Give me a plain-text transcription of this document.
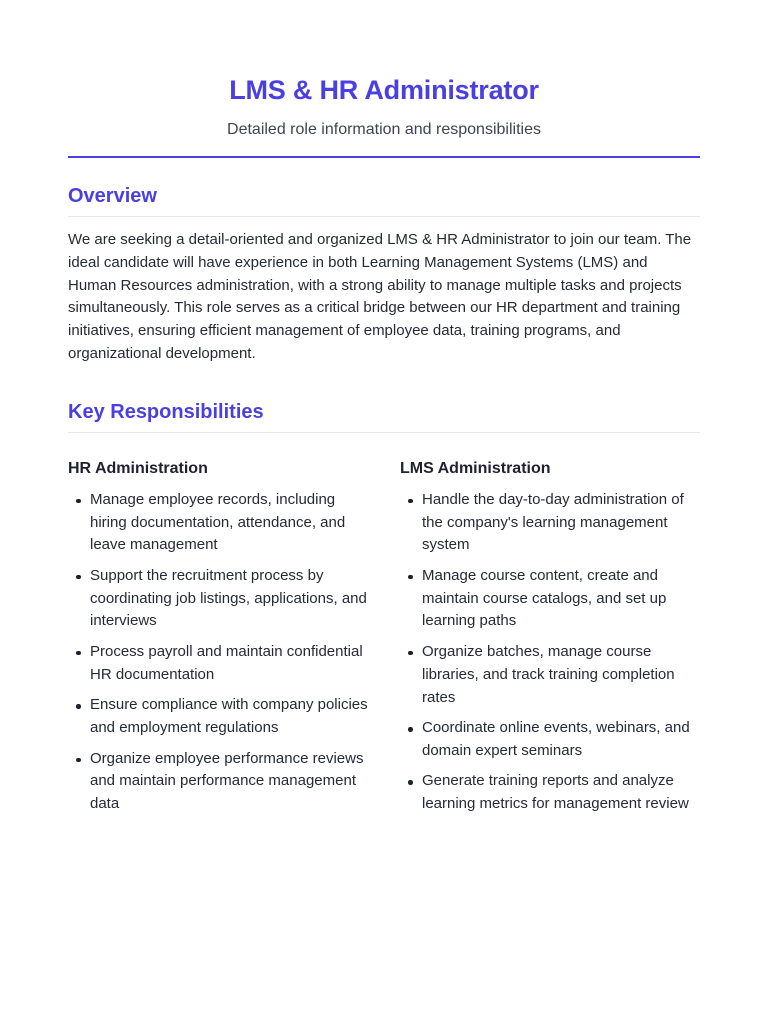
LMS & HR Administrator

Detailed role information and responsibilities

Overview

We are seeking a detail-oriented and organized LMS & HR Administrator to join our team. The ideal candidate will have experience in both Learning Management Systems (LMS) and Human Resources administration, with a strong ability to manage multiple tasks and projects simultaneously. This role serves as a critical bridge between our HR department and training initiatives, ensuring efficient management of employee data, training programs, and organizational development.

Key Responsibilities
HR Administration
Manage employee records, including hiring documentation, attendance, and leave management
Support the recruitment process by coordinating job listings, applications, and interviews
Process payroll and maintain confidential HR documentation
Ensure compliance with company policies and employment regulations
Organize employee performance reviews and maintain performance management data
LMS Administration
Handle the day-to-day administration of the company's learning management system
Manage course content, create and maintain course catalogs, and set up learning paths
Organize batches, manage course libraries, and track training completion rates
Coordinate online events, webinars, and domain expert seminars
Generate training reports and analyze learning metrics for management review
